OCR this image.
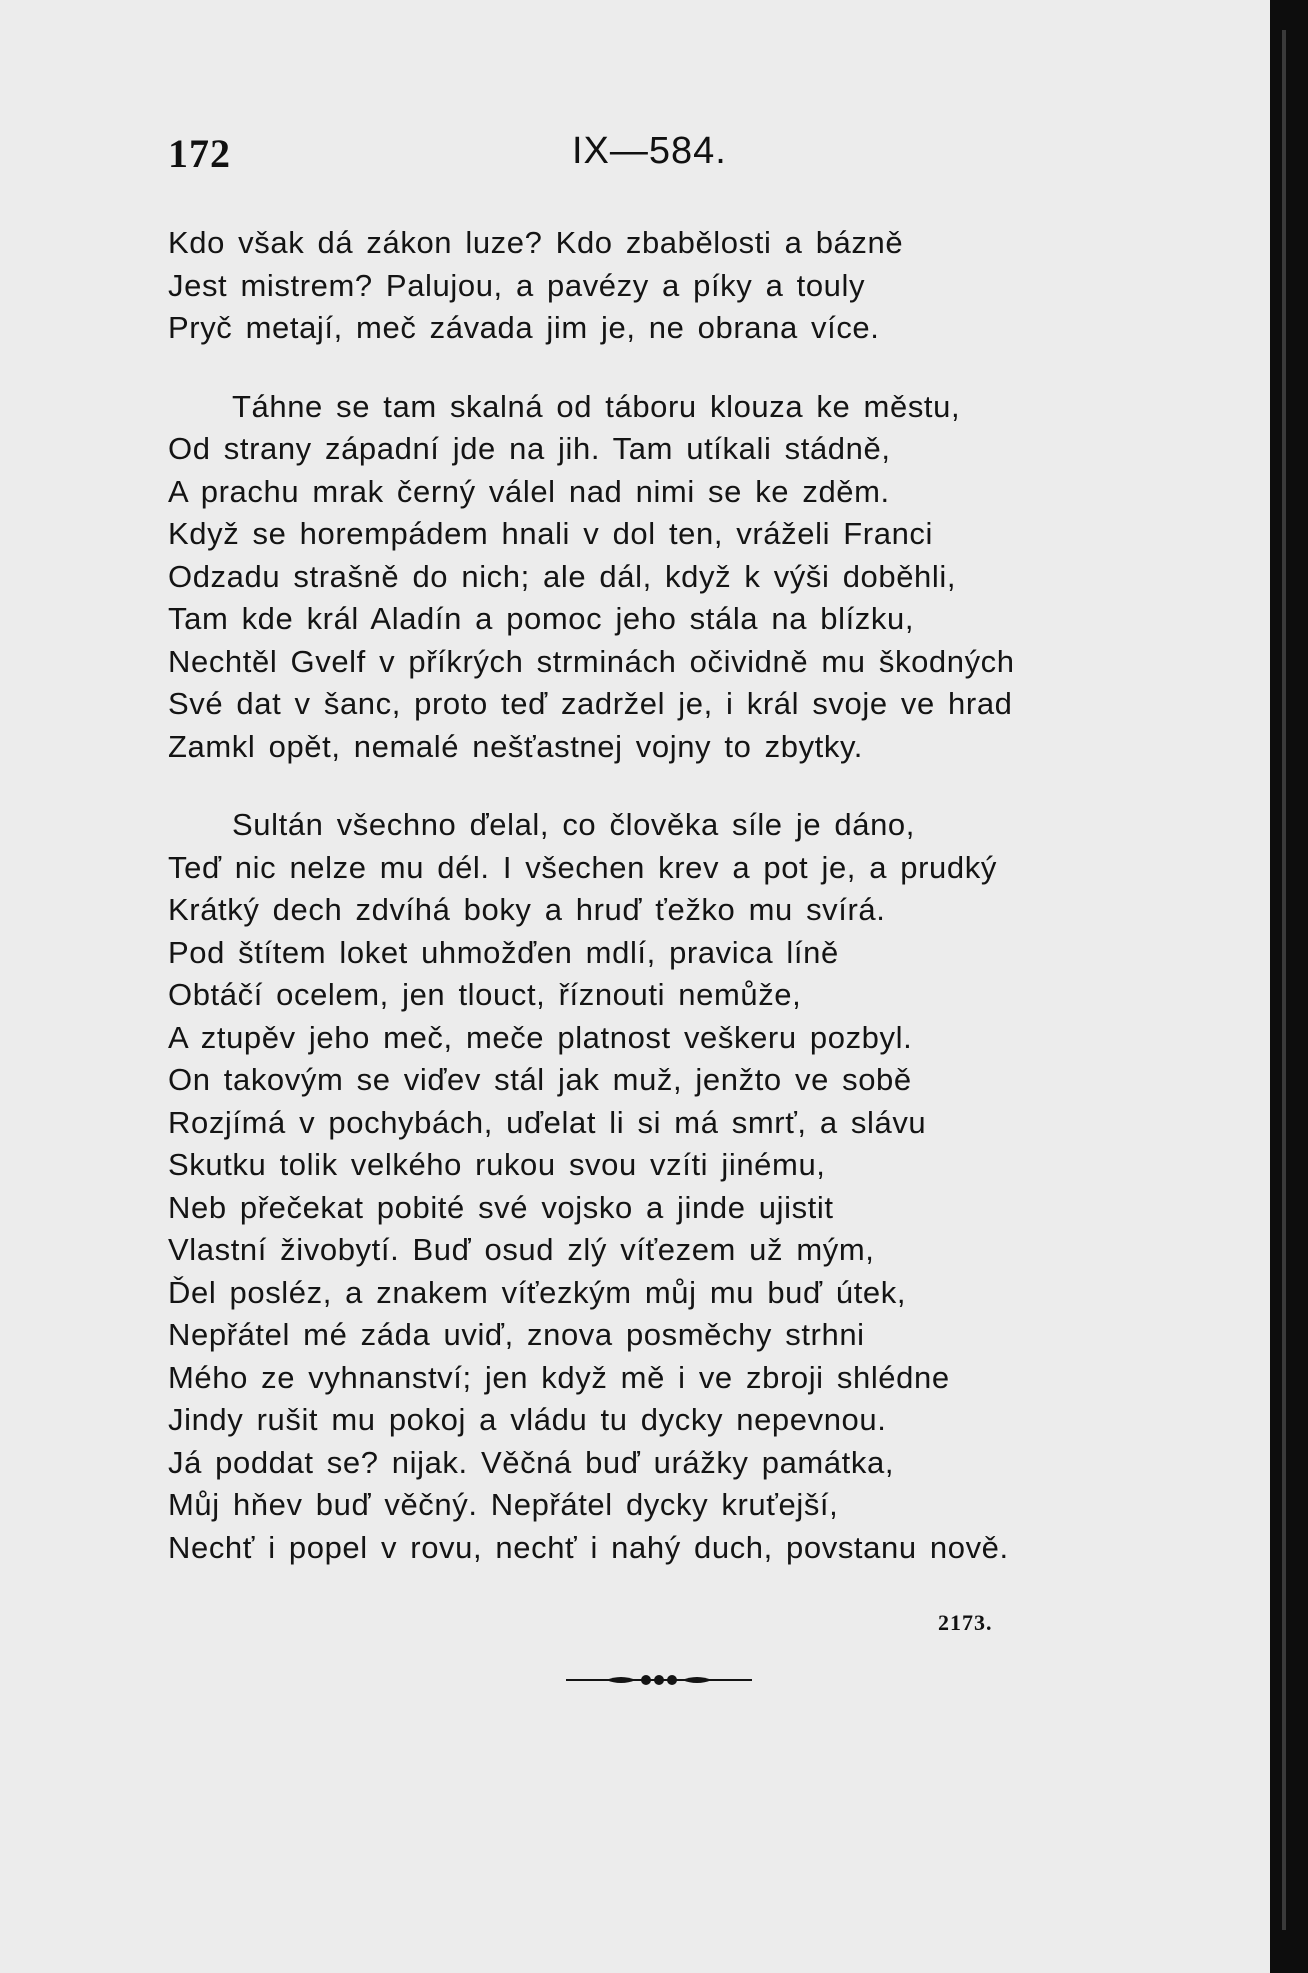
172	IX—584.
Kdo však dá zákon luze? Kdo zbabělosti a bázně
Jest mistrem? Palujou, a pavézy a píky a touly
Pryč metají, meč závada jim je, ne obrana více.
Táhne se tam skalná od táboru klouza ke městu,
Od strany západní jde na jih. Tam utíkali stádně,
A prachu mrak černý válel nad nimi se ke zděm.
Když se horempádem hnali v dol ten, vráželi Franci
Odzadu strašně do nich; ale dál, když k výši doběhli,
Tam kde král Aladín a pomoc jeho stála na blízku,
Nechtěl Gvelf v příkrých strminách očividně mu škodných
Své dat v šanc, proto teď zadržel je, i král svoje ve hrad
Zamkl opět, nemalé nešťastnej vojny to zbytky.
Sultán všechno ďelal, co člověka síle je dáno,
Teď nic nelze mu dél. I všechen krev a pot je, a prudký
Krátký dech zdvíhá boky a hruď ťežko mu svírá.
Pod štítem loket uhmožďen mdlí, pravica líně
Obtáčí ocelem, jen tlouct, říznouti nemůže,
A ztupěv jeho meč, meče platnost veškeru pozbyl.
On takovým se viďev stál jak muž, jenžto ve sobě
Rozjímá v pochybách, uďelat li si má smrť, a slávu
Skutku tolik velkého rukou svou vzíti jinému,
Neb přečekat pobité své vojsko a jinde ujistit
Vlastní živobytí. Buď osud zlý víťezem už mým,
Ďel posléz, a znakem víťezkým můj mu buď útek,
Nepřátel mé záda uviď, znova posměchy strhni
Mého ze vyhnanství; jen když mě i ve zbroji shlédne
Jindy rušit mu pokoj a vládu tu dycky nepevnou.
Já poddat se? nijak. Věčná buď urážky památka,
Můj hňev buď věčný. Nepřátel dycky kruťejší,
Nechť i popel v rovu, nechť i nahý duch, povstanu nově.
2173.
